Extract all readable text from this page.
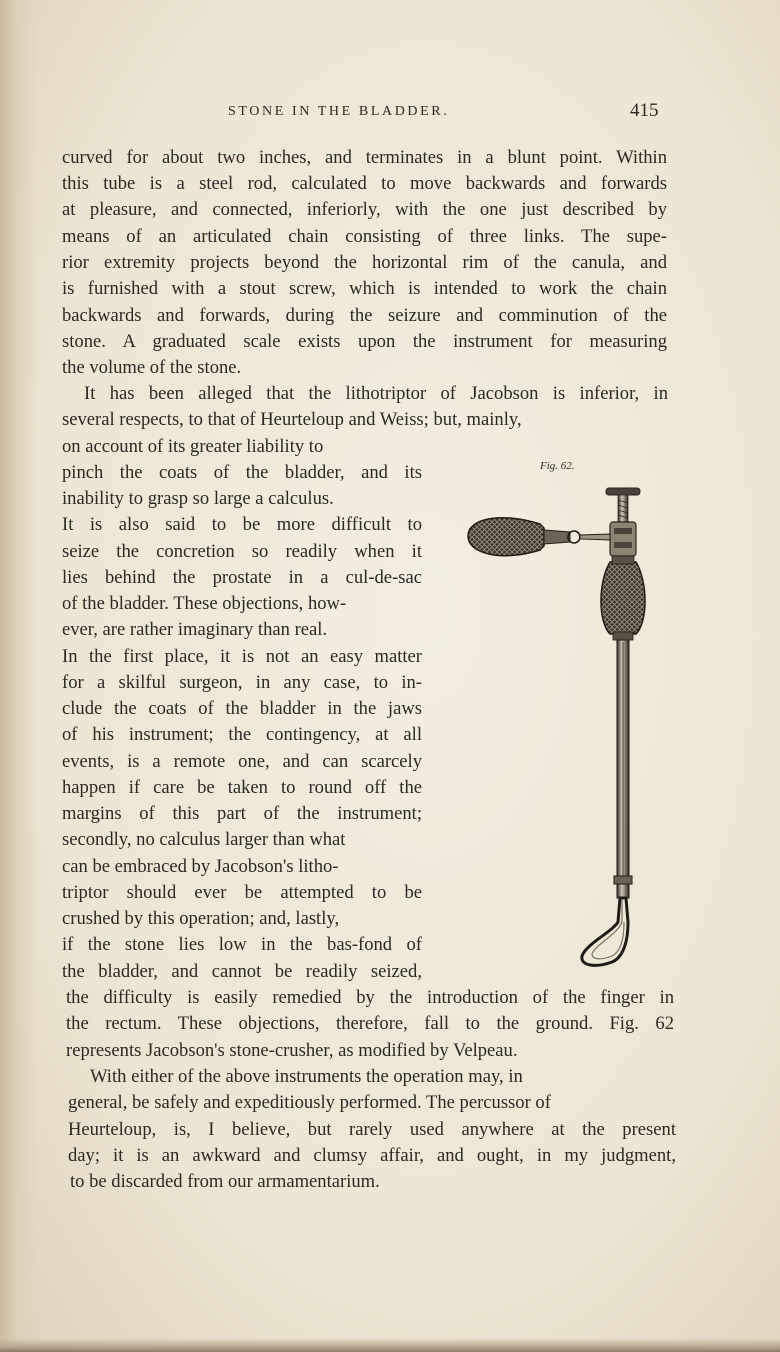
STONE IN THE BLADDER.	415
curved for about two inches, and terminates in a blunt point. Within
this tube is a steel rod, calculated to move backwards and forwards
at pleasure, and connected, inferiorly, with the one just described by
means of an articulated chain consisting of three links. The supe-
rior extremity projects beyond the horizontal rim of the canula, and
is furnished with a stout screw, which is intended to work the chain
backwards and forwards, during the seizure and comminution of the
stone. A graduated scale exists upon the instrument for measuring
the volume of the stone.
It has been alleged that the lithotriptor of Jacobson is inferior, in
several respects, to that of Heurteloup and Weiss; but, mainly,
on account of its greater liability to
pinch the coats of the bladder, and its
inability to grasp so large a calculus.
It is also said to be more difficult to
seize the concretion so readily when it
lies behind the prostate in a cul-de-sac
of the bladder. These objections, how-
ever, are rather imaginary than real.
In the first place, it is not an easy matter
for a skilful surgeon, in any case, to in-
clude the coats of the bladder in the jaws
of his instrument; the contingency, at all
events, is a remote one, and can scarcely
happen if care be taken to round off the
margins of this part of the instrument;
secondly, no calculus larger than what
can be embraced by Jacobson's litho-
triptor should ever be attempted to be
crushed by this operation; and, lastly,
if the stone lies low in the bas-fond of
the bladder, and cannot be readily seized,
the difficulty is easily remedied by the introduction of the finger in
the rectum. These objections, therefore, fall to the ground. Fig. 62
represents Jacobson's stone-crusher, as modified by Velpeau.
With either of the above instruments the operation may, in
general, be safely and expeditiously performed. The percussor of
Heurteloup, is, I believe, but rarely used anywhere at the present
day; it is an awkward and clumsy affair, and ought, in my judgment,
to be discarded from our armamentarium.
Fig. 62.
